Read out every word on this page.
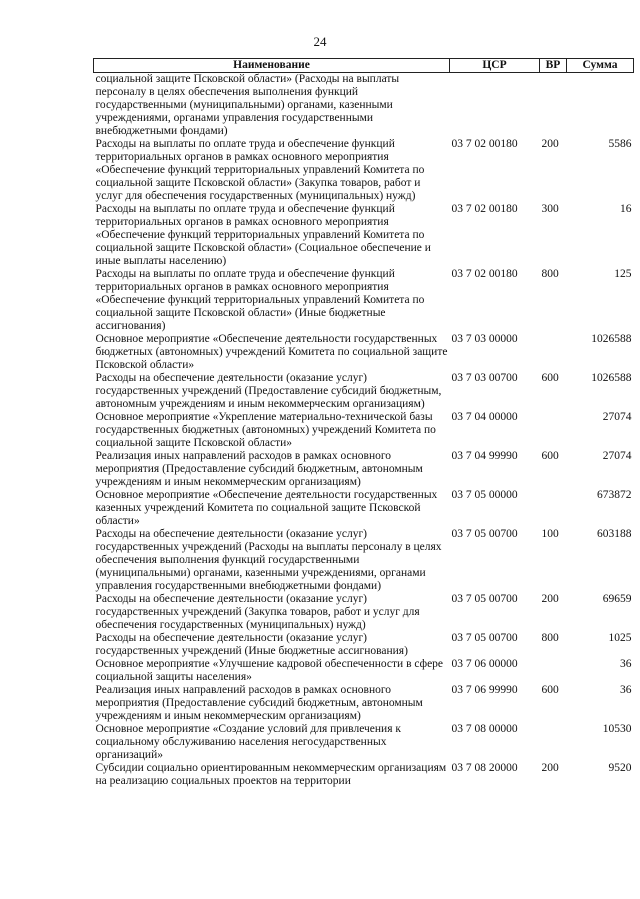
24
Наименование	ЦСР	ВР	Сумма
социальной защите Псковской области» (Расходы на выплаты персоналу в целях обеспечения выполнения функций государственными (муниципальными) органами, казенными учреждениями, органами управления государственными внебюджетными фондами)			
Расходы на выплаты по оплате труда и обеспечение функций территориальных органов в рамках основного мероприятия «Обеспечение функций территориальных управлений Комитета по социальной защите Псковской области» (Закупка товаров, работ и услуг для обеспечения государственных (муниципальных) нужд)	03 7 02 00180	200	5586
Расходы на выплаты по оплате труда и обеспечение функций территориальных органов в рамках основного мероприятия «Обеспечение функций территориальных управлений Комитета по социальной защите Псковской области» (Социальное обеспечение и иные выплаты населению)	03 7 02 00180	300	16
Расходы на выплаты по оплате труда и обеспечение функций территориальных органов в рамках основного мероприятия «Обеспечение функций территориальных управлений Комитета по социальной защите Псковской области» (Иные бюджетные ассигнования)	03 7 02 00180	800	125
Основное мероприятие «Обеспечение деятельности государственных бюджетных (автономных) учреждений Комитета по социальной защите Псковской области»	03 7 03 00000		1026588
Расходы на обеспечение деятельности (оказание услуг) государственных учреждений (Предоставление субсидий бюджетным, автономным учреждениям и иным некоммерческим организациям)	03 7 03 00700	600	1026588
Основное мероприятие «Укрепление материально-технической базы государственных бюджетных (автономных) учреждений Комитета по социальной защите Псковской области»	03 7 04 00000		27074
Реализация иных направлений расходов в рамках основного мероприятия (Предоставление субсидий бюджетным, автономным учреждениям и иным некоммерческим организациям)	03 7 04 99990	600	27074
Основное мероприятие «Обеспечение деятельности государственных казенных учреждений Комитета по социальной защите Псковской области»	03 7 05 00000		673872
Расходы на обеспечение деятельности (оказание услуг) государственных учреждений (Расходы на выплаты персоналу в целях обеспечения выполнения функций государственными (муниципальными) органами, казенными учреждениями, органами управления государственными внебюджетными фондами)	03 7 05 00700	100	603188
Расходы на обеспечение деятельности (оказание услуг) государственных учреждений (Закупка товаров, работ и услуг для обеспечения государственных (муниципальных) нужд)	03 7 05 00700	200	69659
Расходы на обеспечение деятельности (оказание услуг) государственных учреждений (Иные бюджетные ассигнования)	03 7 05 00700	800	1025
Основное мероприятие «Улучшение кадровой обеспеченности в сфере социальной защиты населения»	03 7 06 00000		36
Реализация иных направлений расходов в рамках основного мероприятия (Предоставление субсидий бюджетным, автономным учреждениям и иным некоммерческим организациям)	03 7 06 99990	600	36
Основное мероприятие «Создание условий для привлечения к социальному обслуживанию населения негосударственных организаций»	03 7 08 00000		10530
Субсидии социально ориентированным некоммерческим организациям на реализацию социальных проектов на территории	03 7 08 20000	200	9520
